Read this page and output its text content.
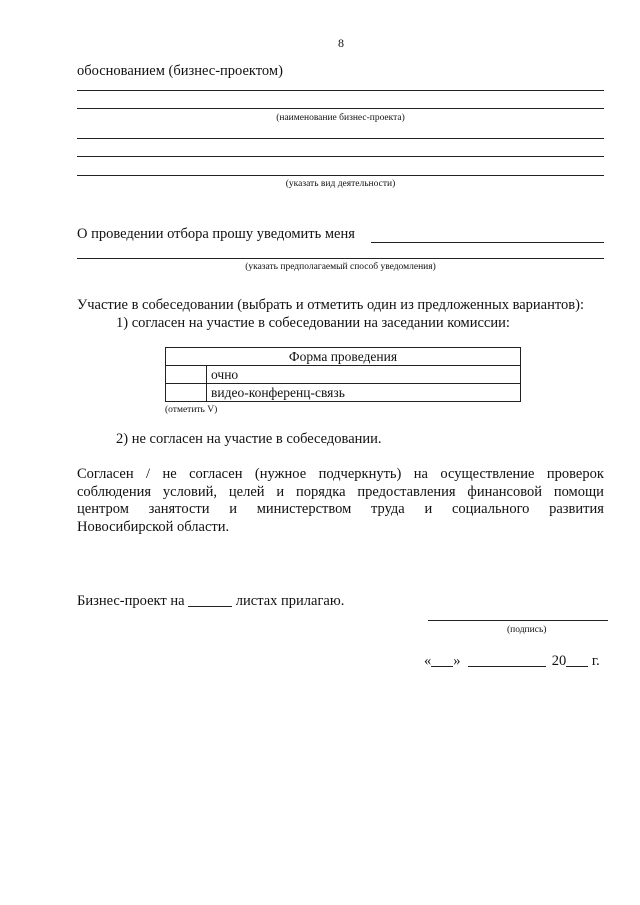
8
обоснованием (бизнес-проектом)
(наименование бизнес-проекта)
(указать вид деятельности)
О проведении отбора прошу уведомить меня
(указать предполагаемый способ уведомления)
Участие в собеседовании (выбрать и отметить один из предложенных вариантов):
1) согласен на участие в собеседовании на заседании комиссии:
Форма проведения	
	очно
	видео-конференц-связь
(отметить V)
2) не согласен на участие в собеседовании.
Согласен / не согласен (нужное подчеркнуть) на осуществление проверок
соблюдения условий, целей и порядка предоставления финансовой помощи
центром занятости и министерством труда и социального развития
Новосибирской области.
Бизнес-проект на	листах прилагаю.
(подпись)
« »	20 г.
